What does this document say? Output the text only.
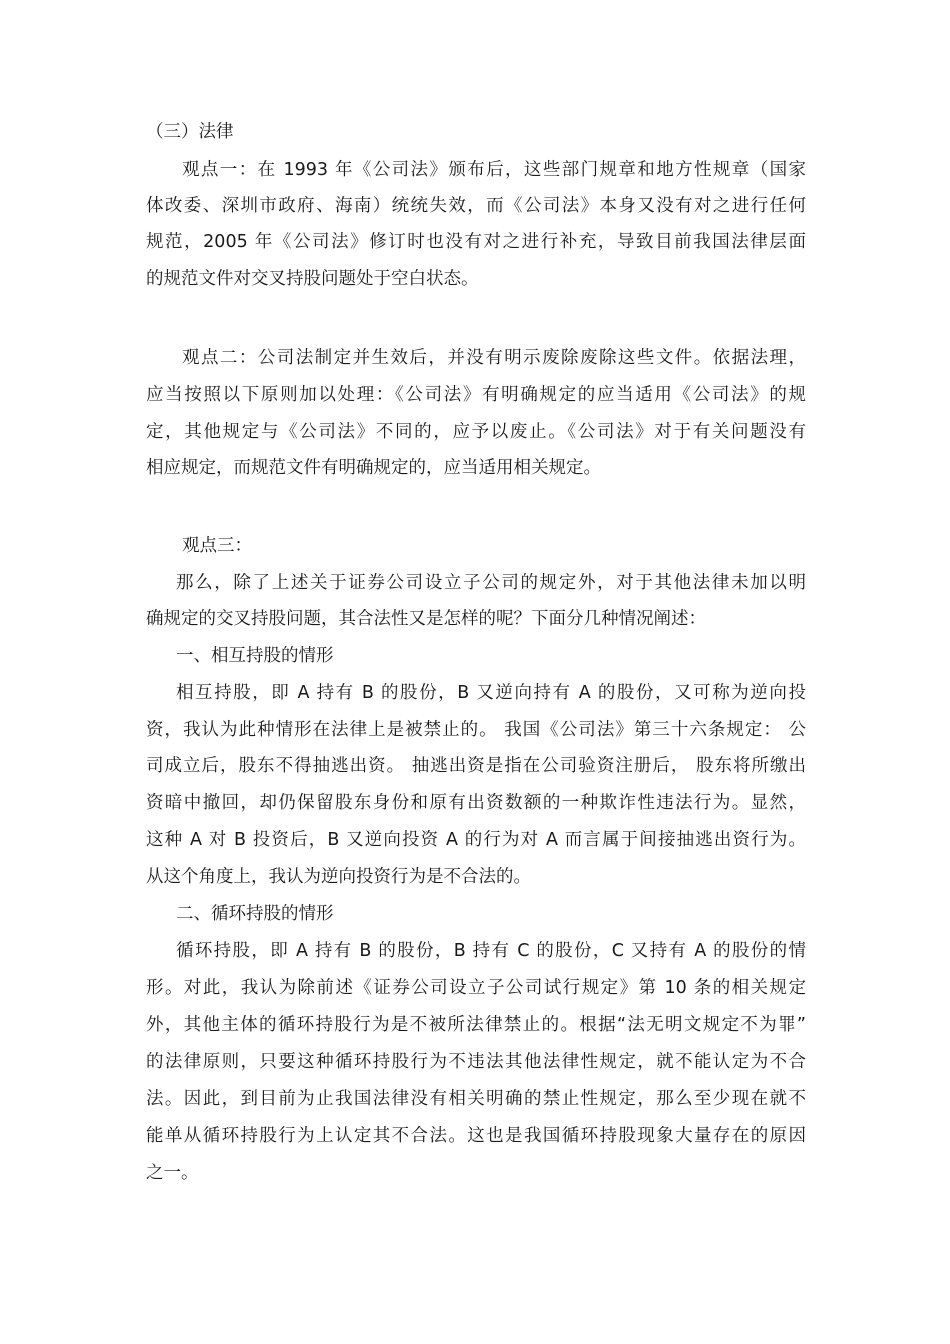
（三）法律
观点一：在 1993 年《公司法》颁布后，这些部门规章和地方性规章（国家
体改委、深圳市政府、海南）统统失效，而《公司法》本身又没有对之进行任何
规范，2005 年《公司法》修订时也没有对之进行补充，导致目前我国法律层面
的规范文件对交叉持股问题处于空白状态。
观点二：公司法制定并生效后，并没有明示废除废除这些文件。依据法理，
应当按照以下原则加以处理：《公司法》有明确规定的应当适用《公司法》的规
定，其他规定与《公司法》不同的，应予以废止。《公司法》对于有关问题没有
相应规定，而规范文件有明确规定的，应当适用相关规定。
观点三：
那么，除了上述关于证券公司设立子公司的规定外，对于其他法律未加以明
确规定的交叉持股问题，其合法性又是怎样的呢？下面分几种情况阐述：
一、相互持股的情形
相互持股，即 A 持有 B 的股份，B 又逆向持有 A 的股份，又可称为逆向投
资，我认为此种情形在法律上是被禁止的。 我国《公司法》第三十六条规定： 公
司成立后，股东不得抽逃出资。 抽逃出资是指在公司验资注册后， 股东将所缴出
资暗中撤回，却仍保留股东身份和原有出资数额的一种欺诈性违法行为。显然，
这种 A 对 B 投资后，B 又逆向投资 A 的行为对 A 而言属于间接抽逃出资行为。
从这个角度上，我认为逆向投资行为是不合法的。
二、循环持股的情形
循环持股，即 A 持有 B 的股份，B 持有 C 的股份，C 又持有 A 的股份的情
形。对此，我认为除前述《证券公司设立子公司试行规定》第 10 条的相关规定
外，其他主体的循环持股行为是不被所法律禁止的。根据“法无明文规定不为罪”
的法律原则，只要这种循环持股行为不违法其他法律性规定，就不能认定为不合
法。因此，到目前为止我国法律没有相关明确的禁止性规定，那么至少现在就不
能单从循环持股行为上认定其不合法。这也是我国循环持股现象大量存在的原因
之一。
